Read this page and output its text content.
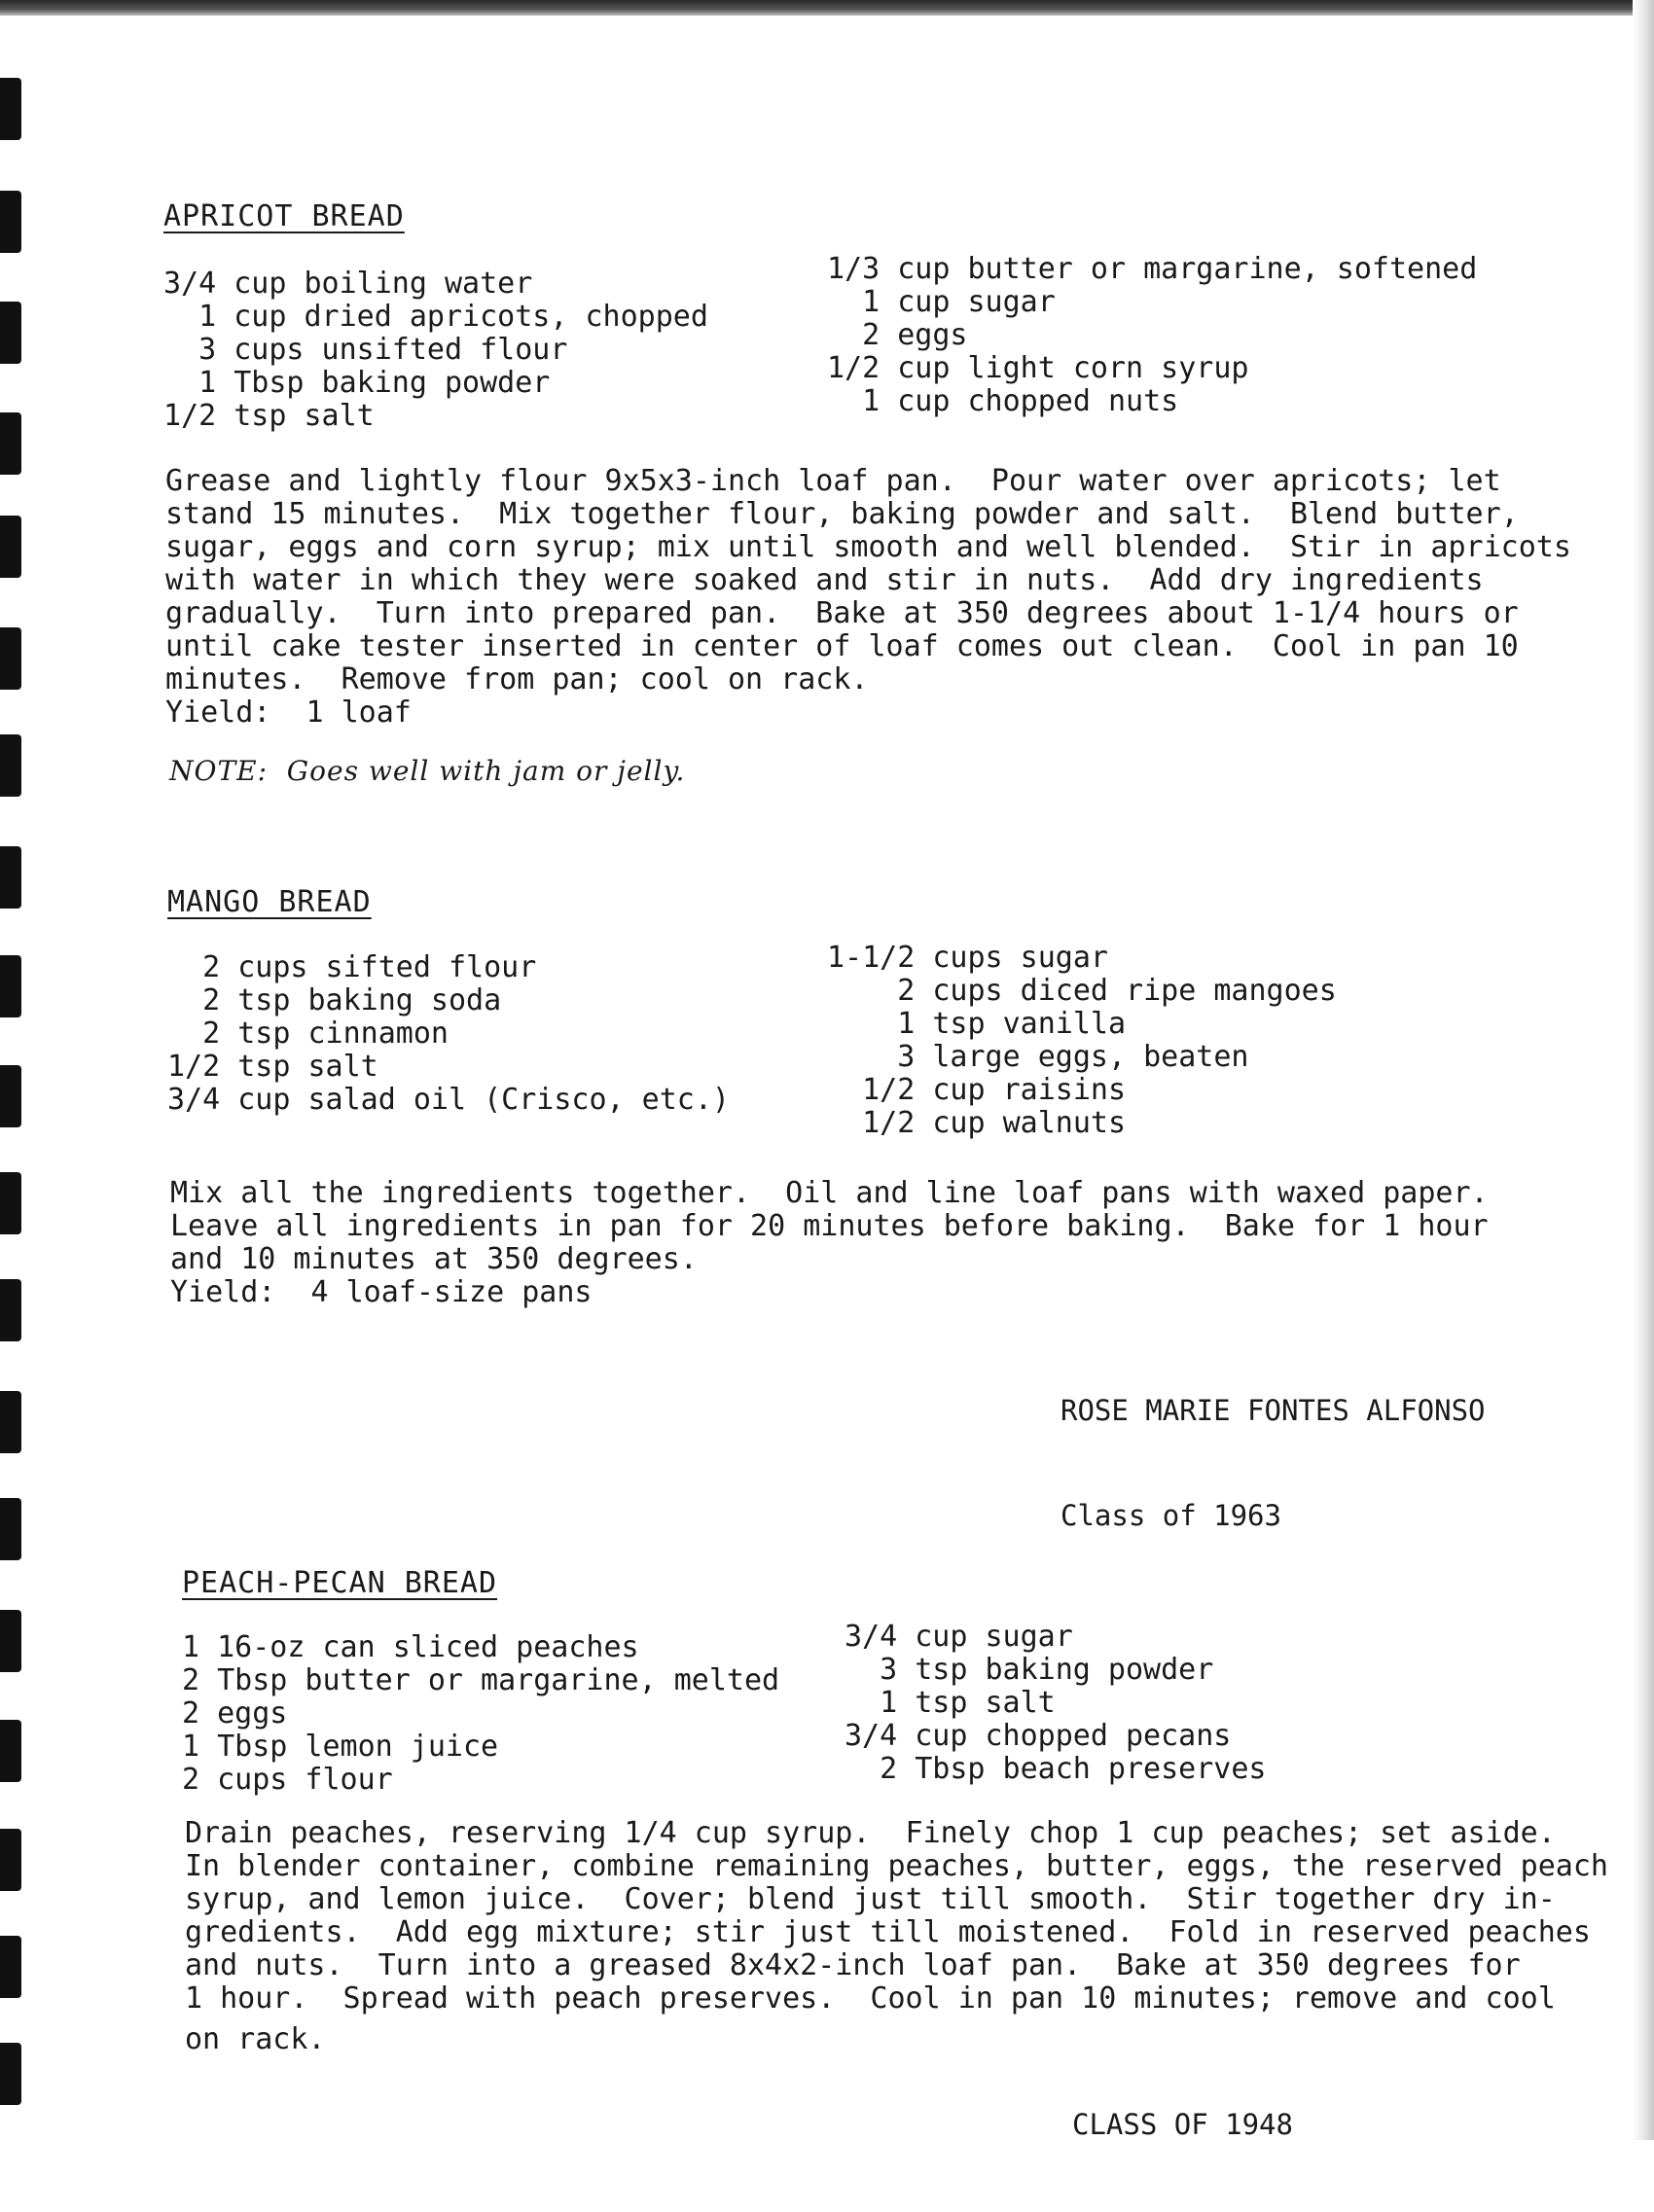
APRICOT BREAD
3/4 cup boiling water
1 cup dried apricots, chopped
3 cups unsifted flour
1 Tbsp baking powder
1/2 tsp salt
1/3 cup butter or margarine, softened
1 cup sugar
2 eggs
1/2 cup light corn syrup
1 cup chopped nuts
Grease and lightly flour 9x5x3-inch loaf pan.  Pour water over apricots; let
stand 15 minutes.  Mix together flour, baking powder and salt.  Blend butter,
sugar, eggs and corn syrup; mix until smooth and well blended.  Stir in apricots
with water in which they were soaked and stir in nuts.  Add dry ingredients
gradually.  Turn into prepared pan.  Bake at 350 degrees about 1-1/4 hours or
until cake tester inserted in center of loaf comes out clean.  Cool in pan 10
minutes.  Remove from pan; cool on rack.
Yield:  1 loaf
NOTE:  Goes well with jam or jelly.
MANGO BREAD
2 cups sifted flour
2 tsp baking soda
2 tsp cinnamon
1/2 tsp salt
3/4 cup salad oil (Crisco, etc.)
1-1/2 cups sugar
2 cups diced ripe mangoes
1 tsp vanilla
3 large eggs, beaten
1/2 cup raisins
1/2 cup walnuts
Mix all the ingredients together.  Oil and line loaf pans with waxed paper.
Leave all ingredients in pan for 20 minutes before baking.  Bake for 1 hour
and 10 minutes at 350 degrees.
Yield:  4 loaf-size pans

ROSE MARIE FONTES ALFONSO

Class of 1963

PEACH-PECAN BREAD
1 16-oz can sliced peaches
2 Tbsp butter or margarine, melted
2 eggs
1 Tbsp lemon juice
2 cups flour
3/4 cup sugar
3 tsp baking powder
1 tsp salt
3/4 cup chopped pecans
2 Tbsp beach preserves
Drain peaches, reserving 1/4 cup syrup.  Finely chop 1 cup peaches; set aside.
In blender container, combine remaining peaches, butter, eggs, the reserved peach
syrup, and lemon juice.  Cover; blend just till smooth.  Stir together dry in-
gredients.  Add egg mixture; stir just till moistened.  Fold in reserved peaches
and nuts.  Turn into a greased 8x4x2-inch loaf pan.  Bake at 350 degrees for
1 hour.  Spread with peach preserves.  Cool in pan 10 minutes; remove and cool
on rack.

CLASS OF 1948
